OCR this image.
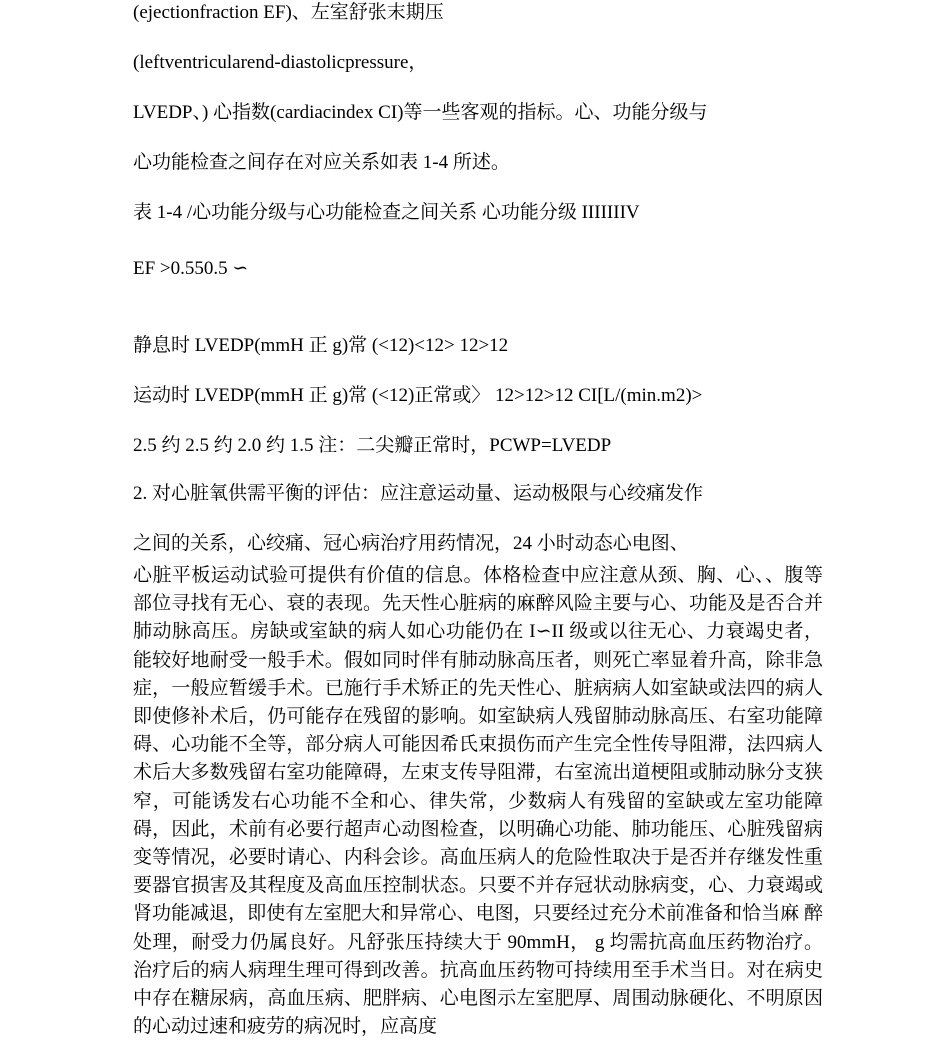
(ejectionfraction EF)、左室舒张末期压

(leftventricularend-diastolicpressure，

LVEDP、) 心指数(cardiacindex CI)等一些客观的指标。心、功能分级与

心功能检查之间存在对应关系如表 1-4 所述。

表 1-4 /心功能分级与心功能检查之间关系 心功能分级 IIIIIIIV

EF >0.550.5 ∽

静息时 LVEDP(mmH 正 g)常 (<12)<12> 12>12

运动时 LVEDP(mmH 正 g)常 (<12)正常或〉 12>12>12 CI[L/(min.m2)>

2.5 约 2.5 约 2.0 约 1.5 注：二尖瓣正常时，PCWP=LVEDP

2. 对心脏氧供需平衡的评估：应注意运动量、运动极限与心绞痛发作

之间的关系，心绞痛、冠心病治疗用药情况，24 小时动态心电图、

心脏平板运动试验可提供有价值的信息。体格检查中应注意从颈、胸、心、、腹等部位寻找有无心、衰的表现。先天性心脏病的麻醉风险主要与心、功能及是否合并肺动脉高压。房缺或室缺的病人如心功能仍在 I∽II 级或以往无心、力衰竭史者，能较好地耐受一般手术。假如同时伴有肺动脉高压者，则死亡率显着升高，除非急症，一般应暂缓手术。已施行手术矫正的先天性心、脏病病人如室缺或法四的病人即使修补术后，仍可能存在残留的影响。如室缺病人残留肺动脉高压、右室功能障碍、心功能不全等，部分病人可能因希氏束损伤而产生完全性传导阻滞，法四病人术后大多数残留右室功能障碍，左束支传导阻滞，右室流出道梗阻或肺动脉分支狭窄，可能诱发右心功能不全和心、律失常，少数病人有残留的室缺或左室功能障碍，因此，术前有必要行超声心动图检查，以明确心功能、肺功能压、心脏残留病变等情况，必要时请心、内科会诊。高血压病人的危险性取决于是否并存继发性重要器官损害及其程度及高血压控制状态。只要不并存冠状动脉病变，心、力衰竭或肾功能减退，即使有左室肥大和异常心、电图，只要经过充分术前准备和恰当麻 醉处理，耐受力仍属良好。凡舒张压持续大于 90mmH， g 均需抗高血压药物治疗。治疗后的病人病理生理可得到改善。抗高血压药物可持续用至手术当日。对在病史中存在糖尿病，高血压病、肥胖病、心电图示左室肥厚、周围动脉硬化、不明原因的心动过速和疲劳的病况时，应高度
